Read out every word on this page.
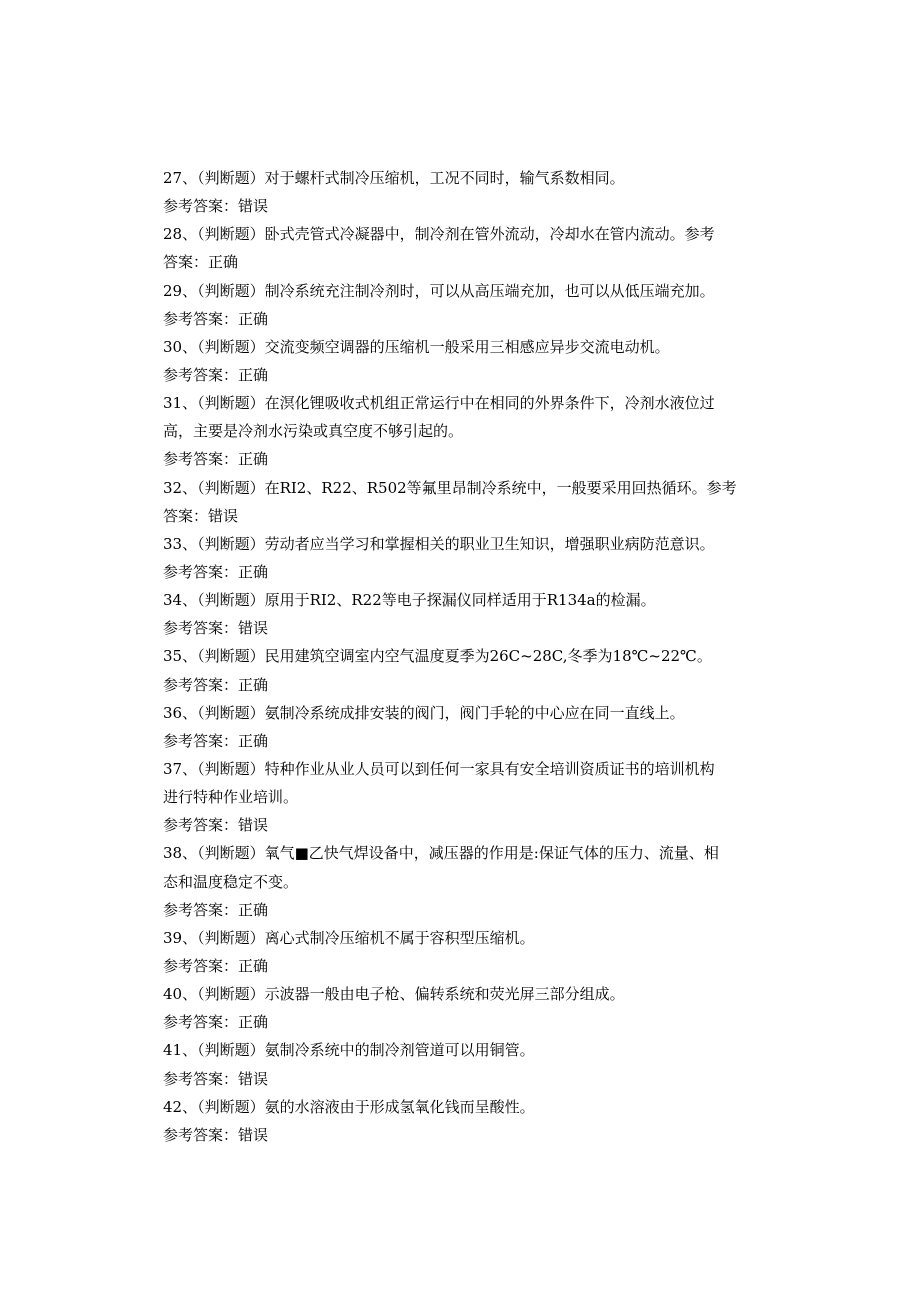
27、（判断题）对于螺杆式制冷压缩机，工况不同时，输气系数相同。
参考答案：错误
28、（判断题）卧式壳管式冷凝器中，制冷剂在管外流动，冷却水在管内流动。参考
答案：正确
29、（判断题）制冷系统充注制冷剂时，可以从高压端充加，也可以从低压端充加。
参考答案：正确
30、（判断题）交流变频空调器的压缩机一般采用三相感应异步交流电动机。
参考答案：正确
31、（判断题）在溟化锂吸收式机组正常运行中在相同的外界条件下，冷剂水液位过
高，主要是冷剂水污染或真空度不够引起的。
参考答案：正确
32、（判断题）在RI2、R22、R502等氟里昂制冷系统中，一般要采用回热循环。参考
答案：错误
33、（判断题）劳动者应当学习和掌握相关的职业卫生知识，增强职业病防范意识。
参考答案：正确
34、（判断题）原用于RI2、R22等电子探漏仪同样适用于R134a的检漏。
参考答案：错误
35、（判断题）民用建筑空调室内空气温度夏季为26C~28C,冬季为18℃~22℃。
参考答案：正确
36、（判断题）氨制冷系统成排安装的阀门，阀门手轮的中心应在同一直线上。
参考答案：正确
37、（判断题）特种作业从业人员可以到任何一家具有安全培训资质证书的培训机构
进行特种作业培训。
参考答案：错误
38、（判断题）氧气■乙快气焊设备中，减压器的作用是:保证气体的压力、流量、相
态和温度稳定不变。
参考答案：正确
39、（判断题）离心式制冷压缩机不属于容积型压缩机。
参考答案：正确
40、（判断题）示波器一般由电子枪、偏转系统和荧光屏三部分组成。
参考答案：正确
41、（判断题）氨制冷系统中的制冷剂管道可以用铜管。
参考答案：错误
42、（判断题）氨的水溶液由于形成氢氧化钱而呈酸性。
参考答案：错误
